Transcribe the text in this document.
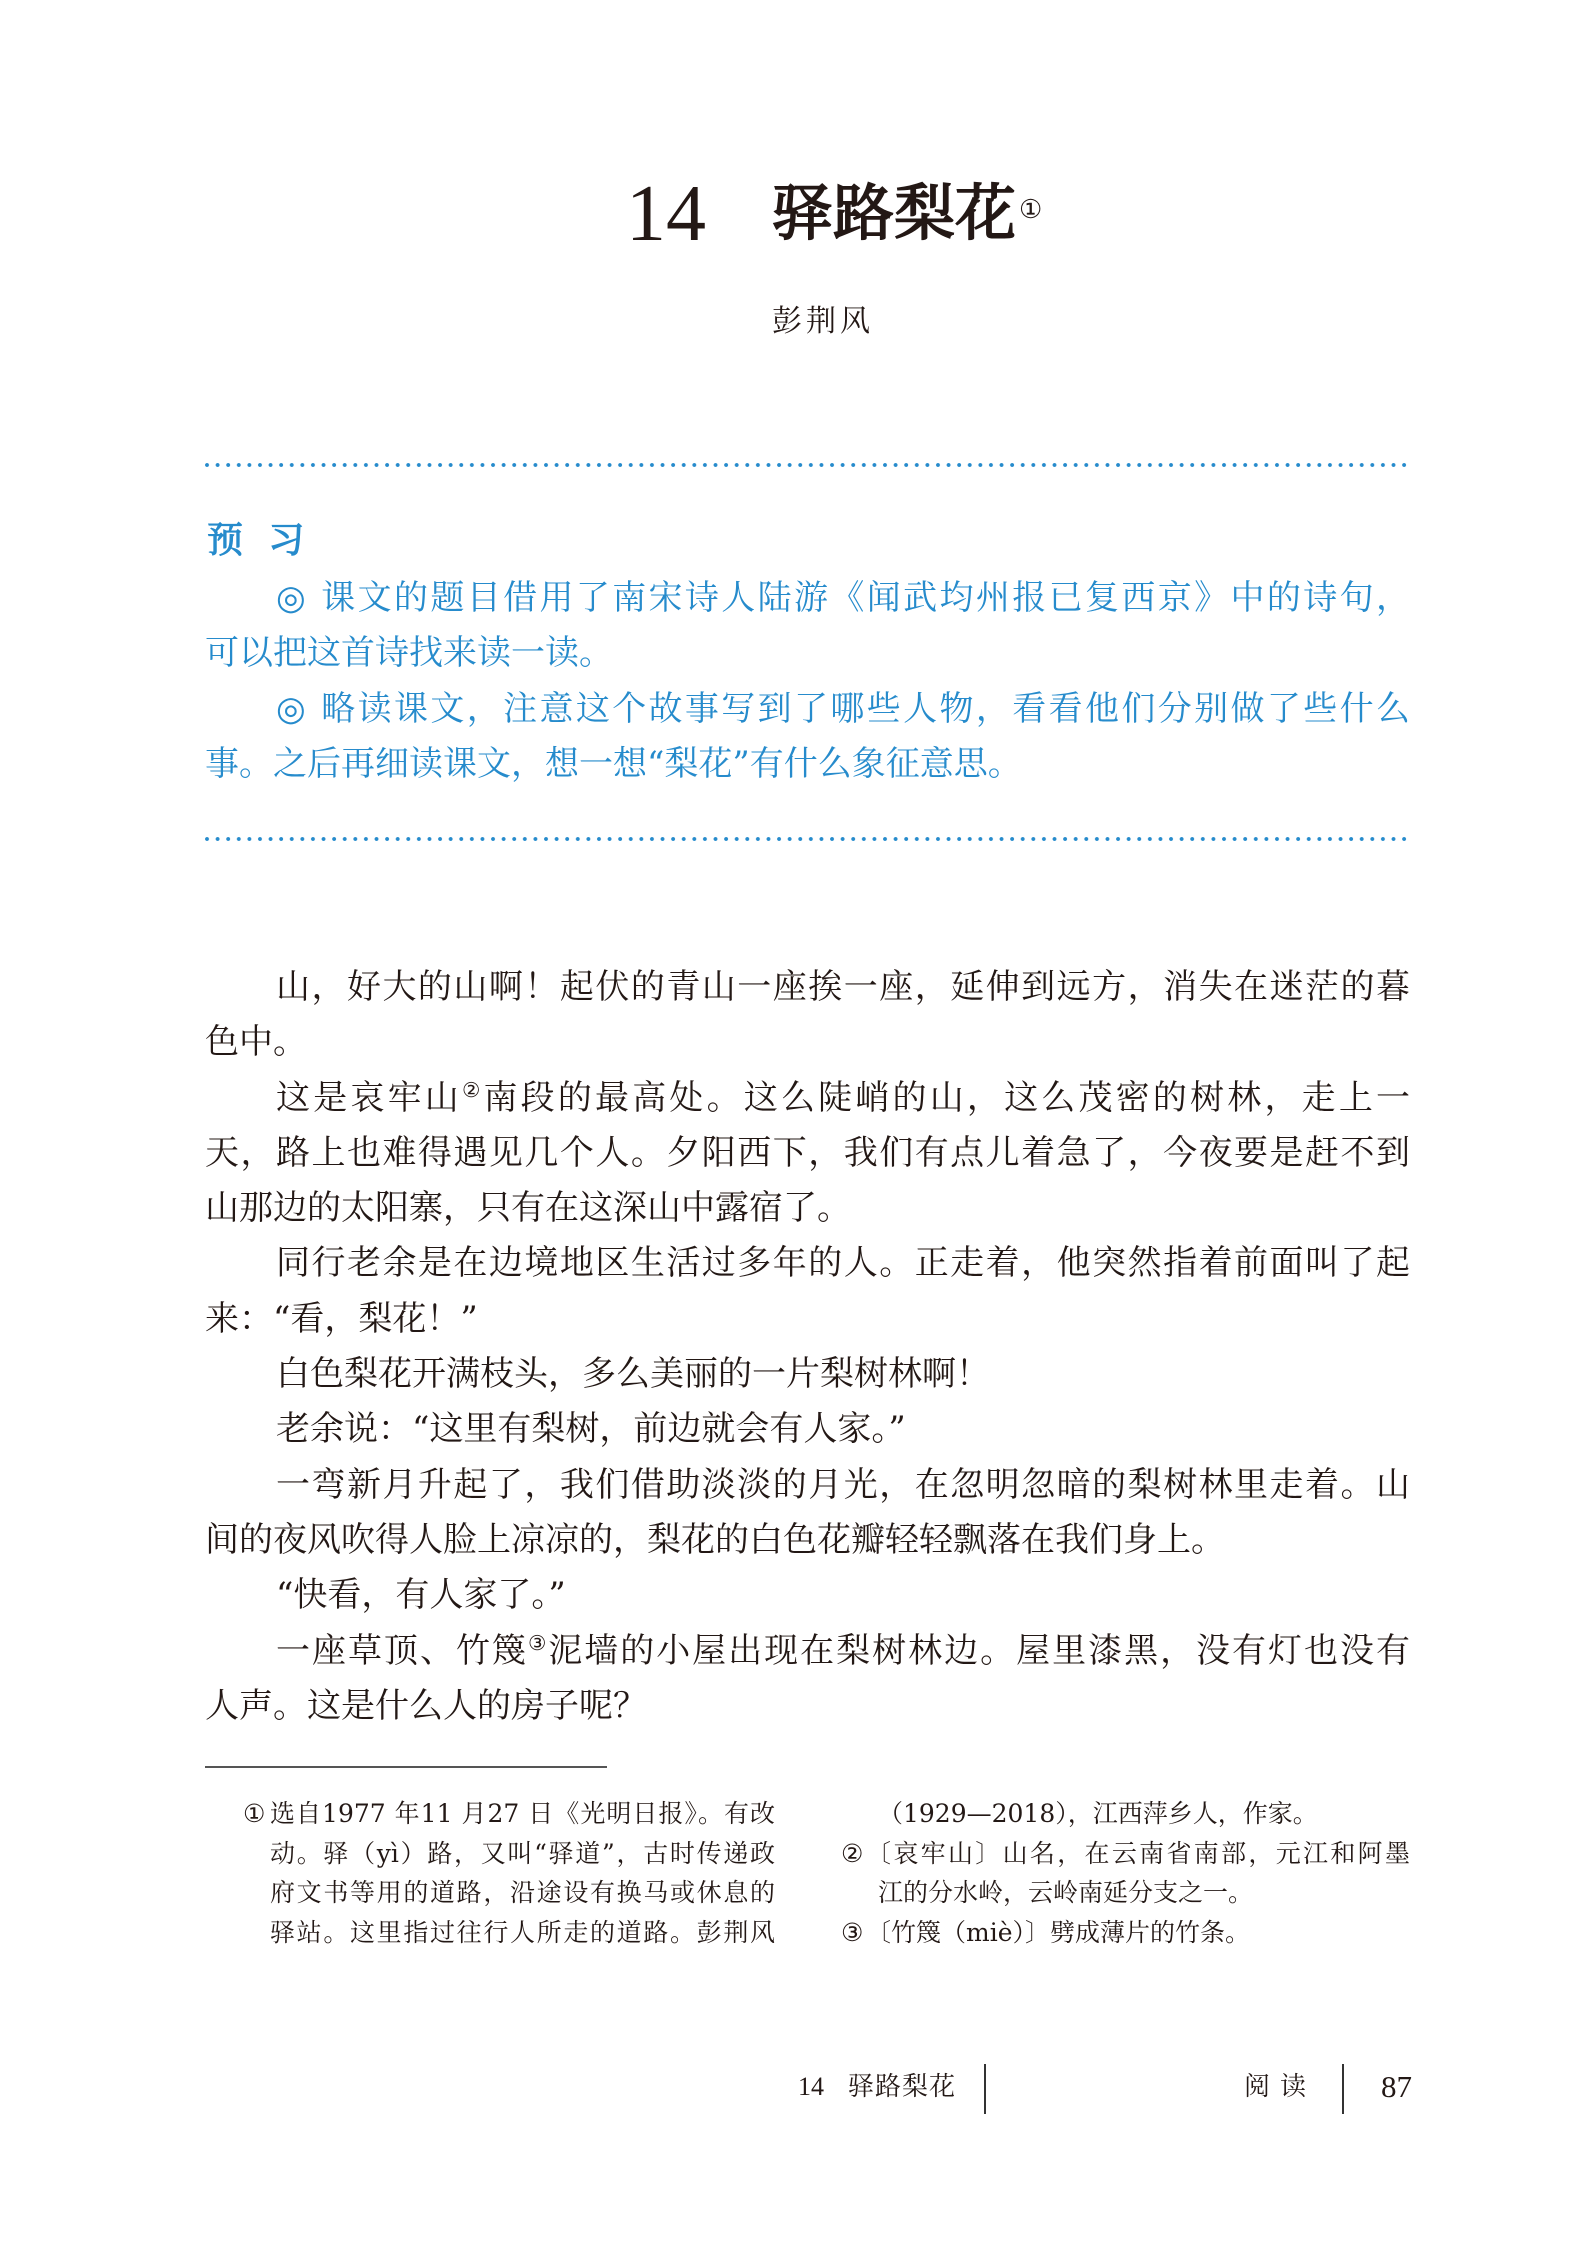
14 驿路梨花 ①
彭荆风
预习
◎ 课文的题目借用了南宋诗人陆游《闻武均州报已复西京》中的诗句，
可以把这首诗找来读一读。
◎ 略读课文，注意这个故事写到了哪些人物，看看他们分别做了些什么
事。之后再细读课文，想一想“梨花”有什么象征意思。
山，好大的山啊！起伏的青山一座挨一座，延伸到远方，消失在迷茫的暮
色中。
这是哀牢山②南段的最高处。这么陡峭的山，这么茂密的树林，走上一
天，路上也难得遇见几个人。夕阳西下，我们有点儿着急了，今夜要是赶不到
山那边的太阳寨，只有在这深山中露宿了。
同行老余是在边境地区生活过多年的人。正走着，他突然指着前面叫了起
来：“看，梨花！”
白色梨花开满枝头，多么美丽的一片梨树林啊！
老余说：“这里有梨树，前边就会有人家。”
一弯新月升起了，我们借助淡淡的月光，在忽明忽暗的梨树林里走着。山
间的夜风吹得人脸上凉凉的，梨花的白色花瓣轻轻飘落在我们身上。
“快看，有人家了。”
一座草顶、竹篾③泥墙的小屋出现在梨树林边。屋里漆黑，没有灯也没有
人声。这是什么人的房子呢？
① 选自1977 年11 月27 日《光明日报》。有改
动。驿（yì）路，又叫“驿道”，古时传递政
府文书等用的道路，沿途设有换马或休息的
驿站。这里指过往行人所走的道路。彭荆风
（1929—2018），江西萍乡人，作家。
② 〔哀牢山〕山名，在云南省南部，元江和阿墨
江的分水岭，云岭南延分支之一。
③ 〔竹篾（miè）〕劈成薄片的竹条。
14 驿路梨花	阅读 87
